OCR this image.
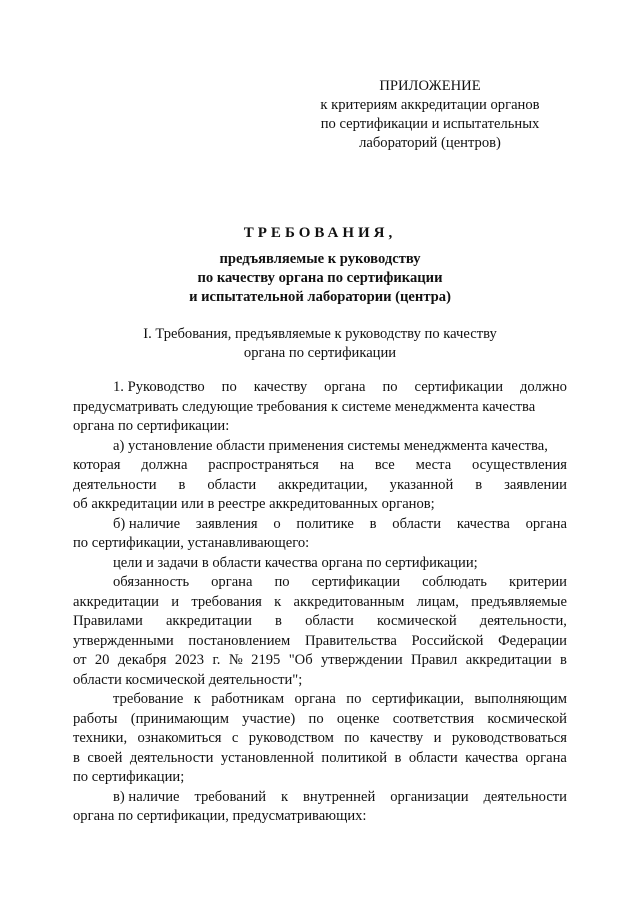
ПРИЛОЖЕНИЕ
к критериям аккредитации органов
по сертификации и испытательных
лабораторий (центров)
ТРЕБОВАНИЯ,
предъявляемые к руководству
по качеству органа по сертификации
и испытательной лаборатории (центра)
I. Требования, предъявляемые к руководству по качеству
органа по сертификации
1. Руководство по качеству органа по сертификации должно
предусматривать следующие требования к системе менеджмента качества
органа по сертификации:
а) установление области применения системы менеджмента качества,
которая должна распространяться на все места осуществления
деятельности в области аккредитации, указанной в заявлении
об аккредитации или в реестре аккредитованных органов;
б) наличие заявления о политике в области качества органа
по сертификации, устанавливающего:
цели и задачи в области качества органа по сертификации;
обязанность органа по сертификации соблюдать критерии
аккредитации и требования к аккредитованным лицам, предъявляемые
Правилами аккредитации в области космической деятельности,
утвержденными постановлением Правительства Российской Федерации
от 20 декабря 2023 г. № 2195 "Об утверждении Правил аккредитации в
области космической деятельности";
требование к работникам органа по сертификации, выполняющим
работы (принимающим участие) по оценке соответствия космической
техники, ознакомиться с руководством по качеству и руководствоваться
в своей деятельности установленной политикой в области качества органа
по сертификации;
в) наличие требований к внутренней организации деятельности
органа по сертификации, предусматривающих:
